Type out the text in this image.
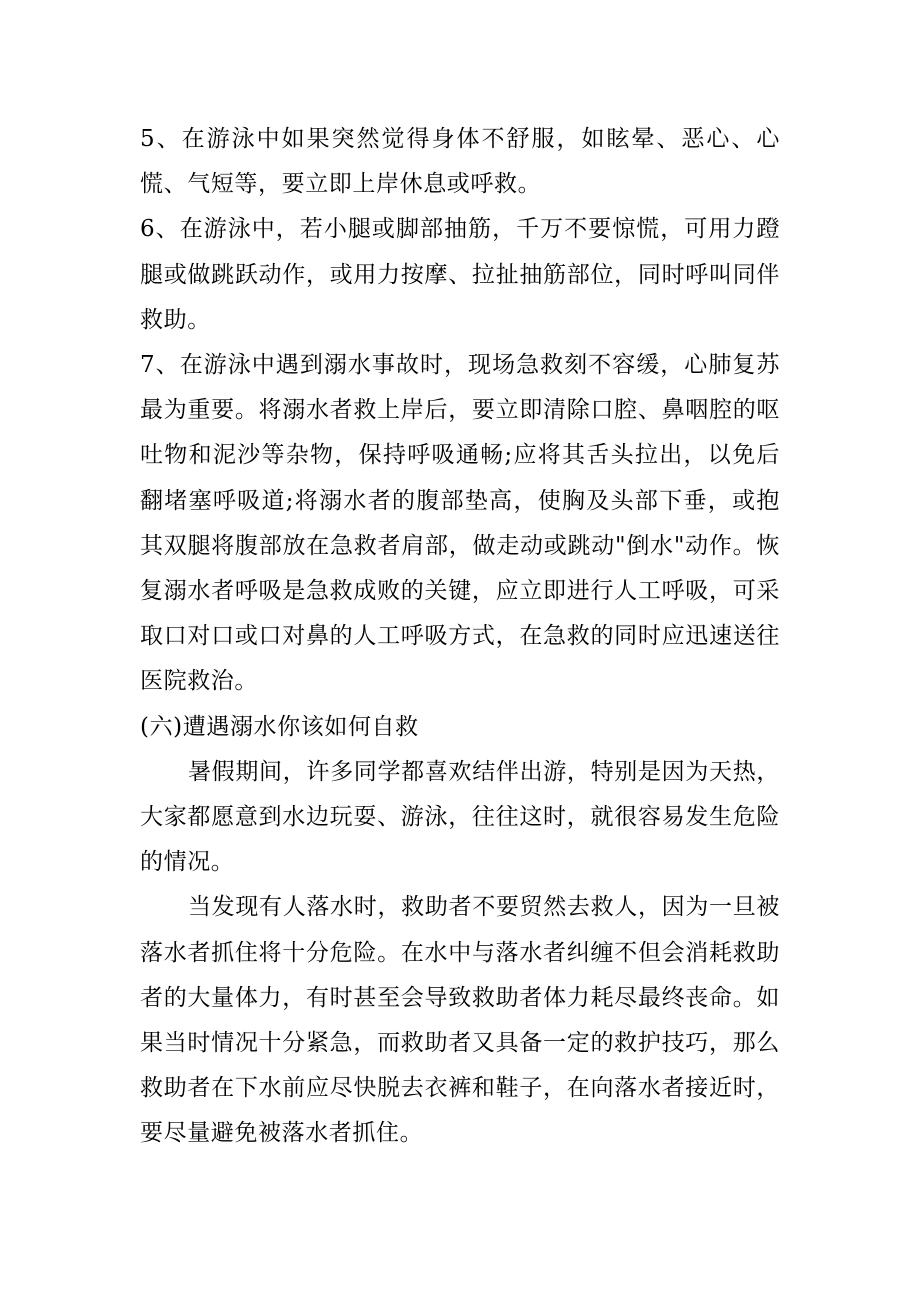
5、在游泳中如果突然觉得身体不舒服，如眩晕、恶心、心慌、气短等，要立即上岸休息或呼救。

6、在游泳中，若小腿或脚部抽筋，千万不要惊慌，可用力蹬腿或做跳跃动作，或用力按摩、拉扯抽筋部位，同时呼叫同伴救助。

7、在游泳中遇到溺水事故时，现场急救刻不容缓，心肺复苏最为重要。将溺水者救上岸后，要立即清除口腔、鼻咽腔的呕吐物和泥沙等杂物，保持呼吸通畅;应将其舌头拉出，以免后翻堵塞呼吸道;将溺水者的腹部垫高，使胸及头部下垂，或抱其双腿将腹部放在急救者肩部，做走动或跳动"倒水"动作。恢复溺水者呼吸是急救成败的关键，应立即进行人工呼吸，可采取口对口或口对鼻的人工呼吸方式，在急救的同时应迅速送往医院救治。

(六)遭遇溺水你该如何自救

暑假期间，许多同学都喜欢结伴出游，特别是因为天热，大家都愿意到水边玩耍、游泳，往往这时，就很容易发生危险的情况。

当发现有人落水时，救助者不要贸然去救人，因为一旦被落水者抓住将十分危险。在水中与落水者纠缠不但会消耗救助者的大量体力，有时甚至会导致救助者体力耗尽最终丧命。如果当时情况十分紧急，而救助者又具备一定的救护技巧，那么救助者在下水前应尽快脱去衣裤和鞋子，在向落水者接近时，要尽量避免被落水者抓住。
